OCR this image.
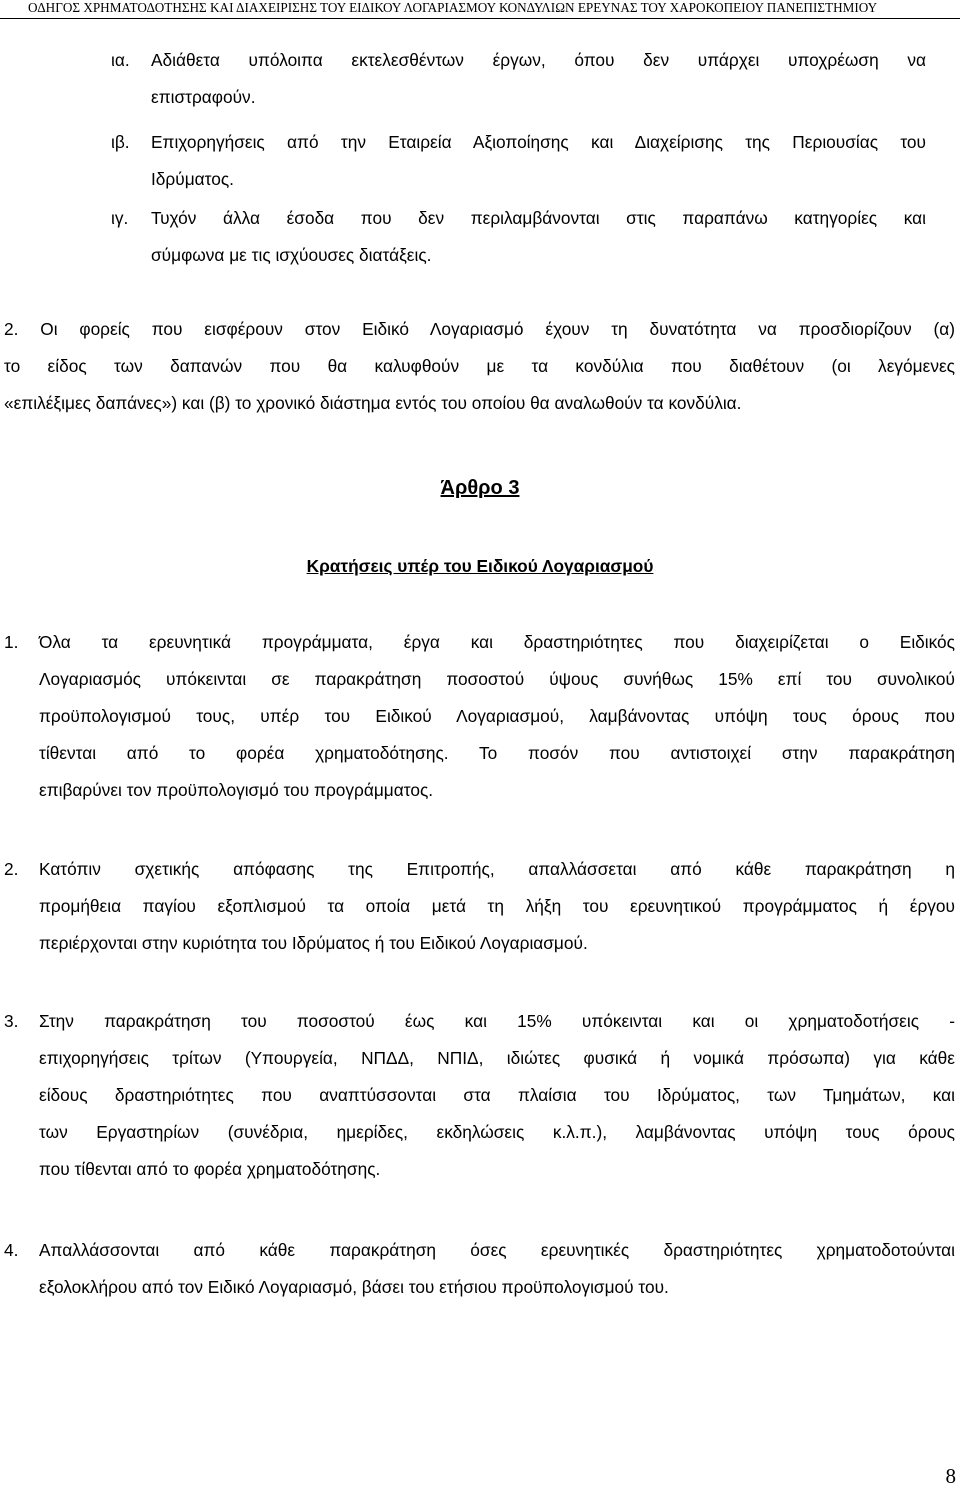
ΟΔΗΓΟΣ ΧΡΗΜΑΤΟΔΟΤΗΣΗΣ ΚΑΙ ΔΙΑΧΕΙΡΙΣΗΣ ΤΟΥ ΕΙΔΙΚΟΥ ΛΟΓΑΡΙΑΣΜΟΥ ΚΟΝΔΥΛΙΩΝ ΕΡΕΥΝΑΣ ΤΟΥ ΧΑΡΟΚΟΠΕΙΟΥ ΠΑΝΕΠΙΣΤΗΜΙΟΥ
ια. Αδιάθετα υπόλοιπα εκτελεσθέντων έργων, όπου δεν υπάρχει υποχρέωση να
επιστραφούν.
ιβ. Επιχορηγήσεις από την Εταιρεία Αξιοποίησης και Διαχείρισης της Περιουσίας του
Ιδρύματος.
ιγ. Τυχόν άλλα έσοδα που δεν περιλαμβάνονται στις παραπάνω κατηγορίες και
σύμφωνα με τις ισχύουσες διατάξεις.
2. Οι φορείς που εισφέρουν στον Ειδικό Λογαριασμό έχουν τη δυνατότητα να προσδιορίζουν (α)
το είδος των δαπανών που θα καλυφθούν με τα κονδύλια που διαθέτουν (οι λεγόμενες
«επιλέξιμες δαπάνες») και (β) το χρονικό διάστημα εντός του οποίου θα αναλωθούν τα κονδύλια.
Άρθρο 3
Κρατήσεις υπέρ του Ειδικού Λογαριασμού
1. Όλα τα ερευνητικά προγράμματα, έργα και δραστηριότητες που διαχειρίζεται ο Ειδικός
Λογαριασμός υπόκεινται σε παρακράτηση ποσοστού ύψους συνήθως 15% επί του συνολικού
προϋπολογισμού τους, υπέρ του Ειδικού Λογαριασμού, λαμβάνοντας υπόψη τους όρους που
τίθενται από το φορέα χρηματοδότησης. Το ποσόν που αντιστοιχεί στην παρακράτηση
επιβαρύνει τον προϋπολογισμό του προγράμματος.
2. Κατόπιν σχετικής απόφασης της Επιτροπής, απαλλάσσεται από κάθε παρακράτηση η
προμήθεια παγίου εξοπλισμού τα οποία μετά τη λήξη του ερευνητικού προγράμματος ή έργου
περιέρχονται στην κυριότητα του Ιδρύματος ή του Ειδικού Λογαριασμού.
3. Στην παρακράτηση του ποσοστού έως και 15% υπόκεινται και οι χρηματοδοτήσεις -
επιχορηγήσεις τρίτων (Υπουργεία, ΝΠΔΔ, ΝΠΙΔ, ιδιώτες φυσικά ή νομικά πρόσωπα) για κάθε
είδους δραστηριότητες που αναπτύσσονται στα πλαίσια του Ιδρύματος, των Τμημάτων, και
των Εργαστηρίων (συνέδρια, ημερίδες, εκδηλώσεις κ.λ.π.), λαμβάνοντας υπόψη τους όρους
που τίθενται από το φορέα χρηματοδότησης.
4. Απαλλάσσονται από κάθε παρακράτηση όσες ερευνητικές δραστηριότητες χρηματοδοτούνται
εξολοκλήρου από τον Ειδικό Λογαριασμό, βάσει του ετήσιου προϋπολογισμού του.
8
